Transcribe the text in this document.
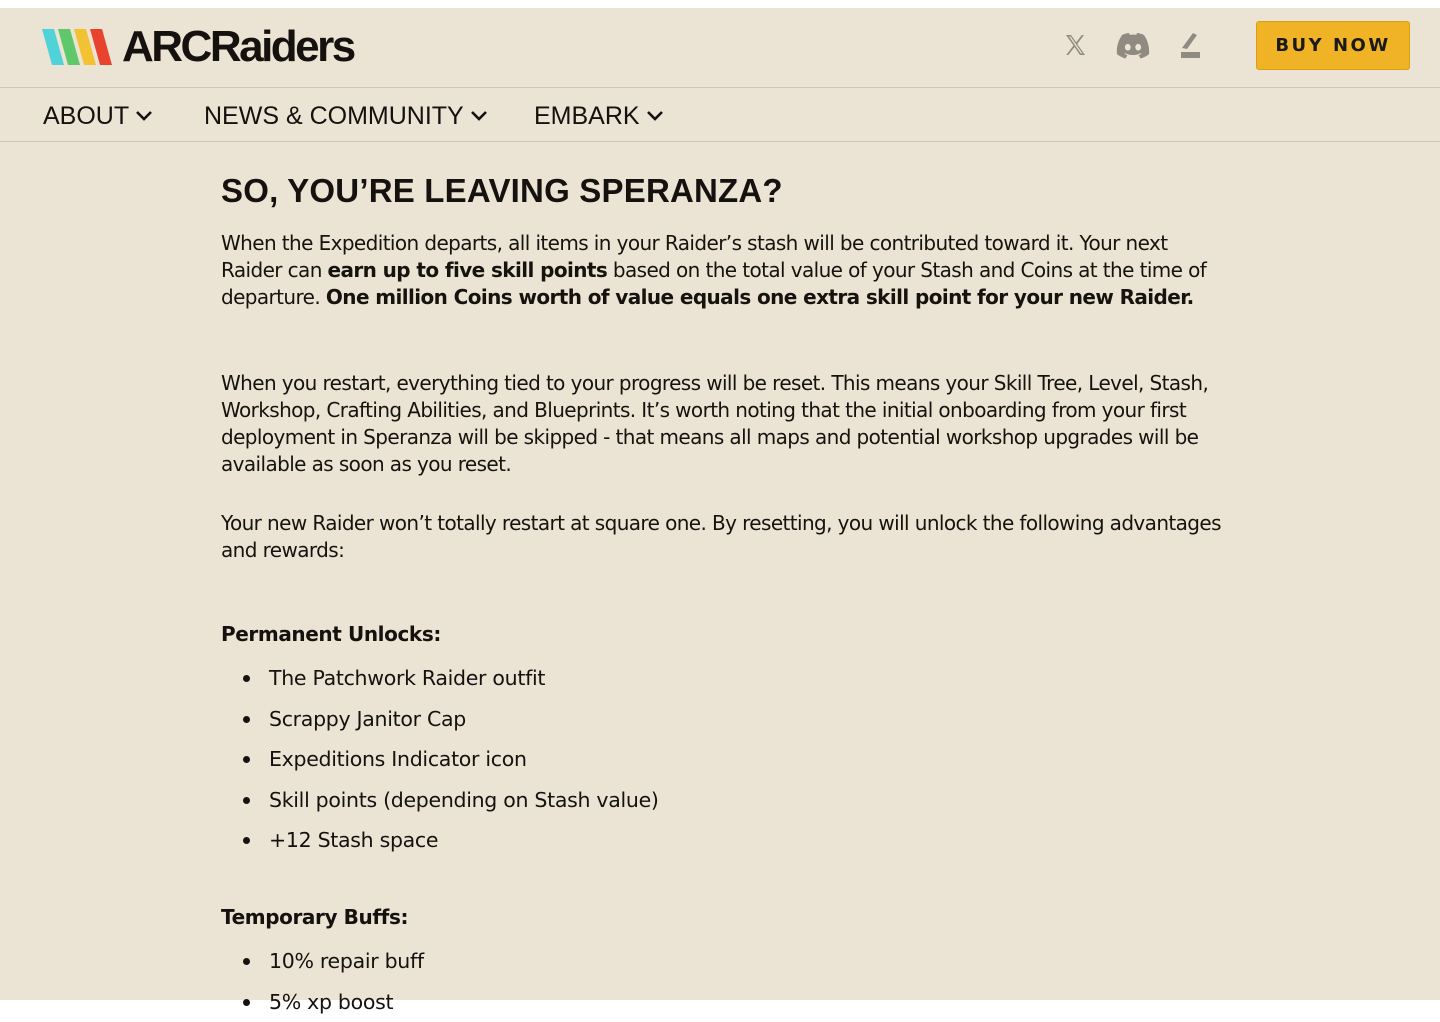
ARCRaiders	BUY NOW
ABOUT	NEWS & COMMUNITY	EMBARK
SO, YOU’RE LEAVING SPERANZA?

When the Expedition departs, all items in your Raider’s stash will be contributed toward it. Your next Raider can earn up to five skill points based on the total value of your Stash and Coins at the time of departure. One million Coins worth of value equals one extra skill point for your new Raider.

When you restart, everything tied to your progress will be reset. This means your Skill Tree, Level, Stash, Workshop, Crafting Abilities, and Blueprints. It’s worth noting that the initial onboarding from your first deployment in Speranza will be skipped - that means all maps and potential workshop upgrades will be available as soon as you reset.

Your new Raider won’t totally restart at square one. By resetting, you will unlock the following advantages and rewards:

Permanent Unlocks:
The Patchwork Raider outfit
Scrappy Janitor Cap
Expeditions Indicator icon
Skill points (depending on Stash value)
+12 Stash space
Temporary Buffs:
10% repair buff
5% xp boost
